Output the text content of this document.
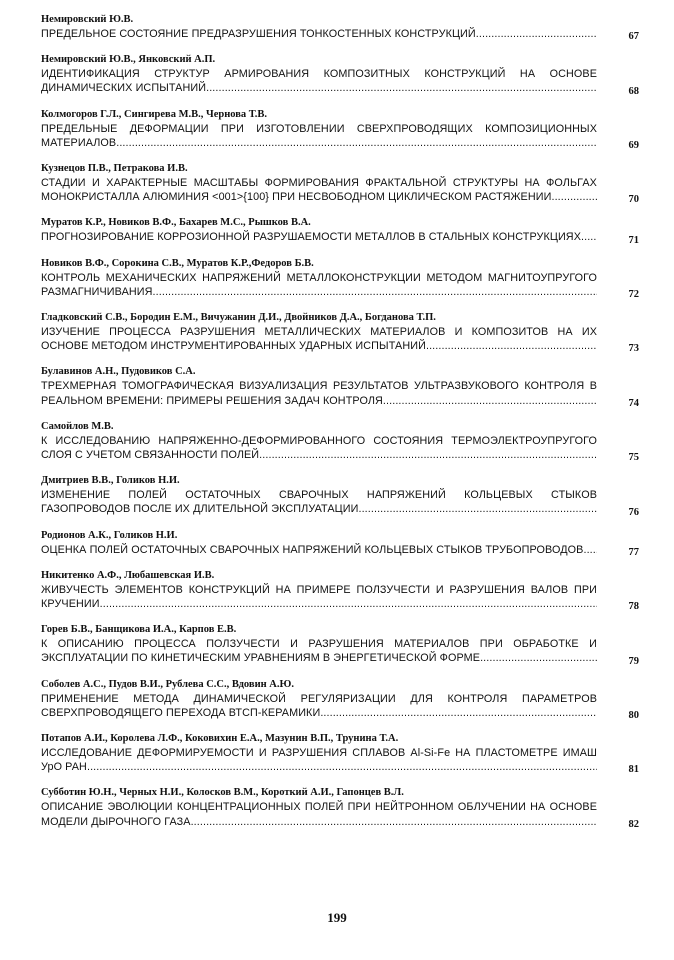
Немировский Ю.В.
ПРЕДЕЛЬНОЕ СОСТОЯНИЕ ПРЕДРАЗРУШЕНИЯ ТОНКОСТЕННЫХ КОНСТРУКЦИЙ .....	67
Немировский Ю.В., Янковский А.П.
ИДЕНТИФИКАЦИЯ СТРУКТУР АРМИРОВАНИЯ КОМПОЗИТНЫХ КОНСТРУКЦИЙ НА ОСНОВЕ ДИНАМИЧЕСКИХ ИСПЫТАНИЙ .....	68
Колмогоров Г.Л., Сингирева М.В., Чернова Т.В.
ПРЕДЕЛЬНЫЕ ДЕФОРМАЦИИ ПРИ ИЗГОТОВЛЕНИИ СВЕРХПРОВОДЯЩИХ КОМПОЗИЦИОННЫХ МАТЕРИАЛОВ .....	69
Кузнецов П.В., Петракова И.В.
СТАДИИ И ХАРАКТЕРНЫЕ МАСШТАБЫ ФОРМИРОВАНИЯ ФРАКТАЛЬНОЙ СТРУКТУРЫ НА ФОЛЬГАХ МОНОКРИСТАЛЛА АЛЮМИНИЯ <001>{100} ПРИ НЕСВОБОДНОМ ЦИКЛИЧЕСКОМ РАСТЯЖЕНИИ .....	70
Муратов К.Р., Новиков В.Ф., Бахарев М.С., Рышков В.А.
ПРОГНОЗИРОВАНИЕ КОРРОЗИОННОЙ РАЗРУШАЕМОСТИ МЕТАЛЛОВ В СТАЛЬНЫХ КОНСТРУКЦИЯХ .....	71
Новиков В.Ф., Сорокина С.В., Муратов К.Р.,Федоров Б.В.
КОНТРОЛЬ МЕХАНИЧЕСКИХ НАПРЯЖЕНИЙ МЕТАЛЛОКОНСТРУКЦИИ МЕТОДОМ МАГНИТОУПРУГОГО РАЗМАГНИЧИВАНИЯ .....	72
Гладковский С.В., Бородин Е.М., Вичужанин Д.И., Двойников Д.А., Богданова Т.П.
ИЗУЧЕНИЕ ПРОЦЕССА РАЗРУШЕНИЯ МЕТАЛЛИЧЕСКИХ МАТЕРИАЛОВ И КОМПОЗИТОВ НА ИХ ОСНОВЕ МЕТОДОМ ИНСТРУМЕНТИРОВАННЫХ УДАРНЫХ ИСПЫТАНИЙ .....	73
Булавинов А.Н., Пудовиков С.А.
ТРЕХМЕРНАЯ ТОМОГРАФИЧЕСКАЯ ВИЗУАЛИЗАЦИЯ РЕЗУЛЬТАТОВ УЛЬТРАЗВУКОВОГО КОНТРОЛЯ В РЕАЛЬНОМ ВРЕМЕНИ: ПРИМЕРЫ РЕШЕНИЯ ЗАДАЧ КОНТРОЛЯ .....	74
Самойлов М.В.
К ИССЛЕДОВАНИЮ НАПРЯЖЕННО-ДЕФОРМИРОВАННОГО СОСТОЯНИЯ ТЕРМОЭЛЕКТРОУПРУГОГО СЛОЯ С УЧЕТОМ СВЯЗАННОСТИ ПОЛЕЙ .....	75
Дмитриев В.В., Голиков Н.И.
ИЗМЕНЕНИЕ ПОЛЕЙ ОСТАТОЧНЫХ СВАРОЧНЫХ НАПРЯЖЕНИЙ КОЛЬЦЕВЫХ СТЫКОВ ГАЗОПРОВОДОВ ПОСЛЕ ИХ ДЛИТЕЛЬНОЙ ЭКСПЛУАТАЦИИ .....	76
Родионов А.К., Голиков Н.И.
ОЦЕНКА ПОЛЕЙ ОСТАТОЧНЫХ СВАРОЧНЫХ НАПРЯЖЕНИЙ КОЛЬЦЕВЫХ СТЫКОВ ТРУБОПРОВОДОВ .....	77
Никитенко А.Ф., Любашевская И.В.
ЖИВУЧЕСТЬ ЭЛЕМЕНТОВ КОНСТРУКЦИЙ НА ПРИМЕРЕ ПОЛЗУЧЕСТИ И РАЗРУШЕНИЯ ВАЛОВ ПРИ КРУЧЕНИИ .....	78
Горев Б.В., Банщикова И.А., Карпов Е.В.
К ОПИСАНИЮ ПРОЦЕССА ПОЛЗУЧЕСТИ И РАЗРУШЕНИЯ МАТЕРИАЛОВ ПРИ ОБРАБОТКЕ И ЭКСПЛУАТАЦИИ ПО КИНЕТИЧЕСКИМ УРАВНЕНИЯМ В ЭНЕРГЕТИЧЕСКОЙ ФОРМЕ .....	79
Соболев А.С., Пудов В.И., Рублева С.С., Вдовин А.Ю.
ПРИМЕНЕНИЕ МЕТОДА ДИНАМИЧЕСКОЙ РЕГУЛЯРИЗАЦИИ ДЛЯ КОНТРОЛЯ ПАРАМЕТРОВ СВЕРХПРОВОДЯЩЕГО ПЕРЕХОДА ВТСП-КЕРАМИКИ .....	80
Потапов А.И., Королева Л.Ф., Коковихин Е.А., Мазунин В.П., Трунина Т.А.
ИССЛЕДОВАНИЕ ДЕФОРМИРУЕМОСТИ И РАЗРУШЕНИЯ СПЛАВОВ Al-Si-Fe НА ПЛАСТОМЕТРЕ ИМАШ УрО РАН .....	81
Субботин Ю.Н., Черных Н.И., Колосков В.М., Короткий А.И., Гапонцев В.Л.
ОПИСАНИЕ ЭВОЛЮЦИИ КОНЦЕНТРАЦИОННЫХ ПОЛЕЙ ПРИ НЕЙТРОННОМ ОБЛУЧЕНИИ НА ОСНОВЕ МОДЕЛИ ДЫРОЧНОГО ГАЗА .....	82
199
